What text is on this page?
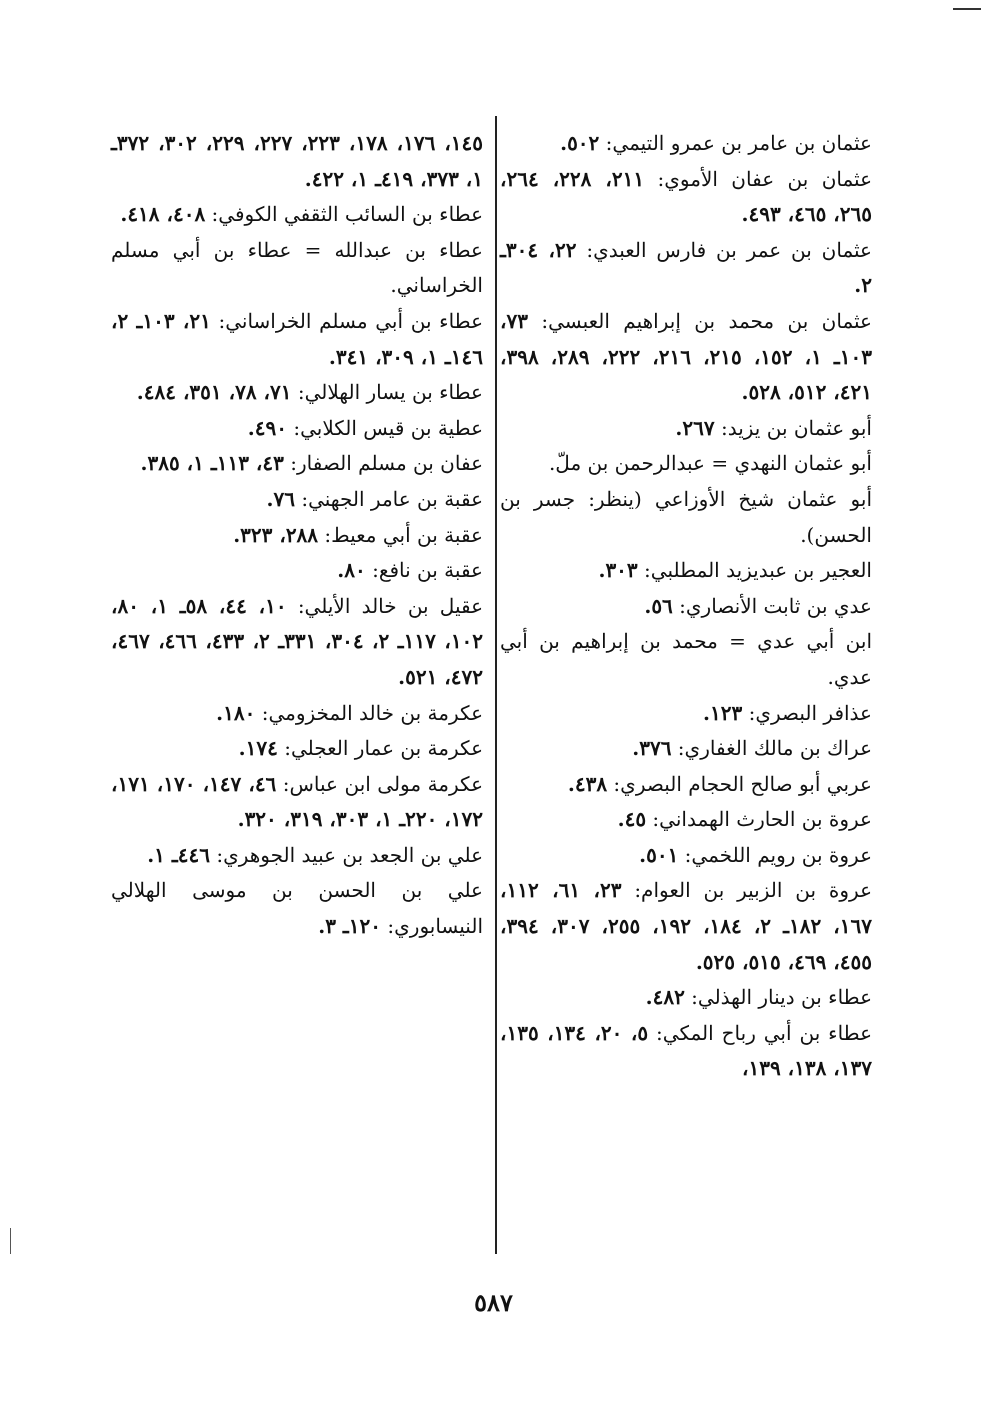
عثمان بن عامر بن عمرو التيمي: ٥٠٢.

عثمان بن عفان الأموي: ٢١١، ٢٢٨، ٢٦٤، ٢٦٥، ٤٦٥، ٤٩٣.

عثمان بن عمر بن فارس العبدي: ٢٢، ٣٠٤ـ ٢.

عثمان بن محمد بن إبراهيم العبسي: ٧٣، ١٠٣ـ ١، ١٥٢، ٢١٥، ٢١٦، ٢٢٢، ٢٨٩، ٣٩٨، ٤٢١، ٥١٢، ٥٢٨.

أبو عثمان بن يزيد: ٢٦٧.

أبو عثمان النهدي = عبدالرحمن بن ملّ.

أبو عثمان شيخ الأوزاعي (ينظر: جسر بن الحسن).

العجير بن عبديزيد المطلبي: ٣٠٣.

عدي بن ثابت الأنصاري: ٥٦.

ابن أبي عدي = محمد بن إبراهيم بن أبي عدي.

عذافر البصري: ١٢٣.

عراك بن مالك الغفاري: ٣٧٦.

عربي أبو صالح الحجام البصري: ٤٣٨.

عروة بن الحارث الهمداني: ٤٥.

عروة بن رويم اللخمي: ٥٠١.

عروة بن الزبير بن العوام: ٢٣، ٦١، ١١٢، ١٦٧، ١٨٢ـ ٢، ١٨٤، ١٩٢، ٢٥٥، ٣٠٧، ٣٩٤، ٤٥٥، ٤٦٩، ٥١٥، ٥٢٥.

عطاء بن دينار الهذلي: ٤٨٢.

عطاء بن أبي رباح المكي: ٥، ٢٠، ١٣٤، ١٣٥، ١٣٧، ١٣٨، ١٣٩،

١٤٥، ١٧٦، ١٧٨، ٢٢٣، ٢٢٧، ٢٢٩، ٣٠٢، ٣٧٢ـ ١، ٣٧٣، ٤١٩ـ ١، ٤٢٢.

عطاء بن السائب الثقفي الكوفي: ٤٠٨، ٤١٨.

عطاء بن عبدالله = عطاء بن أبي مسلم الخراساني.

عطاء بن أبي مسلم الخراساني: ٢١، ١٠٣ـ ٢، ١٤٦ـ ١، ٣٠٩، ٣٤١.

عطاء بن يسار الهلالي: ٧١، ٧٨، ٣٥١، ٤٨٤.

عطية بن قيس الكلابي: ٤٩٠.

عفان بن مسلم الصفار: ٤٣، ١١٣ـ ١، ٣٨٥.

عقبة بن عامر الجهني: ٧٦.

عقبة بن أبي معيط: ٢٨٨، ٣٢٣.

عقبة بن نافع: ٨٠.

عقيل بن خالد الأيلي: ١٠، ٤٤، ٥٨ـ ١، ٨٠، ١٠٢، ١١٧ـ ٢، ٣٠٤، ٣٣١ـ ٢، ٤٣٣، ٤٦٦، ٤٦٧، ٤٧٢، ٥٢١.

عكرمة بن خالد المخزومي: ١٨٠.

عكرمة بن عمار العجلي: ١٧٤.

عكرمة مولى ابن عباس: ٤٦، ١٤٧، ١٧٠، ١٧١، ١٧٢، ٢٢٠ـ ١، ٣٠٣، ٣١٩، ٣٢٠.

علي بن الجعد بن عبيد الجوهري: ٤٤٦ـ ١.

علي بن الحسن بن موسى الهلالي النيسابوري: ١٢٠ـ ٣.

٥٨٧
